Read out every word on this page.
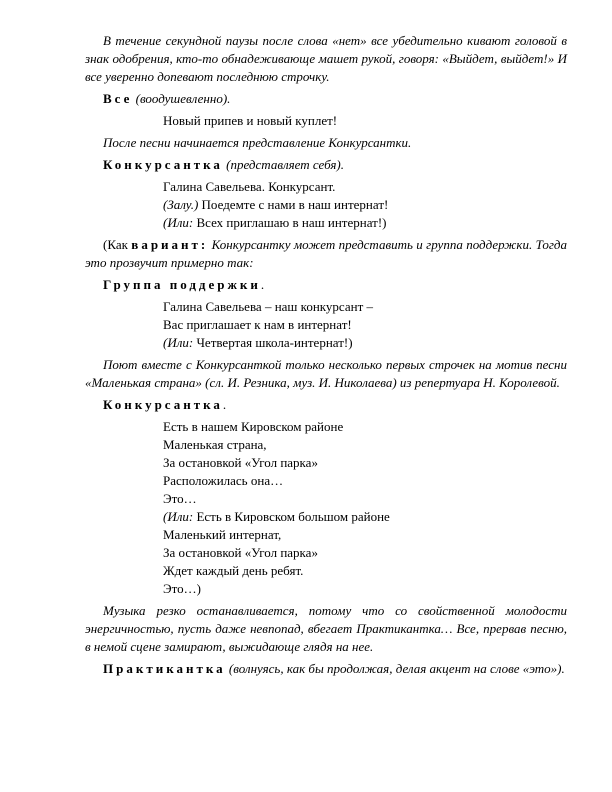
В течение секундной паузы после слова «нет» все убедительно кивают головой в знак одобрения, кто-то обнадеживающе машет рукой, говоря: «Выйдет, выйдет!» И все уверенно допевают последнюю строчку.

Все (воодушевленно).

Новый припев и новый куплет!

После песни начинается представление Конкурсантки.

Конкурсантка (представляет себя).

Галина Савельева. Конкурсант.
(Залу.) Поедемте с нами в наш интернат!
(Или: Всех приглашаю в наш интернат!)

(Как вариант: Конкурсантку может представить и группа поддержки. Тогда это прозвучит примерно так:

Группа поддержки.

Галина Савельева – наш конкурсант –
Вас приглашает к нам в интернат!
(Или: Четвертая школа-интернат!)

Поют вместе с Конкурсанткой только несколько первых строчек на мотив песни «Маленькая страна» (сл. И. Резника, муз. И. Николаева) из репертуара Н. Королевой.

Конкурсантка.

Есть в нашем Кировском районе
Маленькая страна,
За остановкой «Угол парка»
Расположилась она…
Это…
(Или: Есть в Кировском большом районе
Маленький интернат,
За остановкой «Угол парка»
Ждет каждый день ребят.
Это…)

Музыка резко останавливается, потому что со свойственной молодости энергичностью, пусть даже невпопад, вбегает Практикантка… Все, прервав песню, в немой сцене замирают, выжидающе глядя на нее.

Практикантка (волнуясь, как бы продолжая, делая акцент на слове «это»).
